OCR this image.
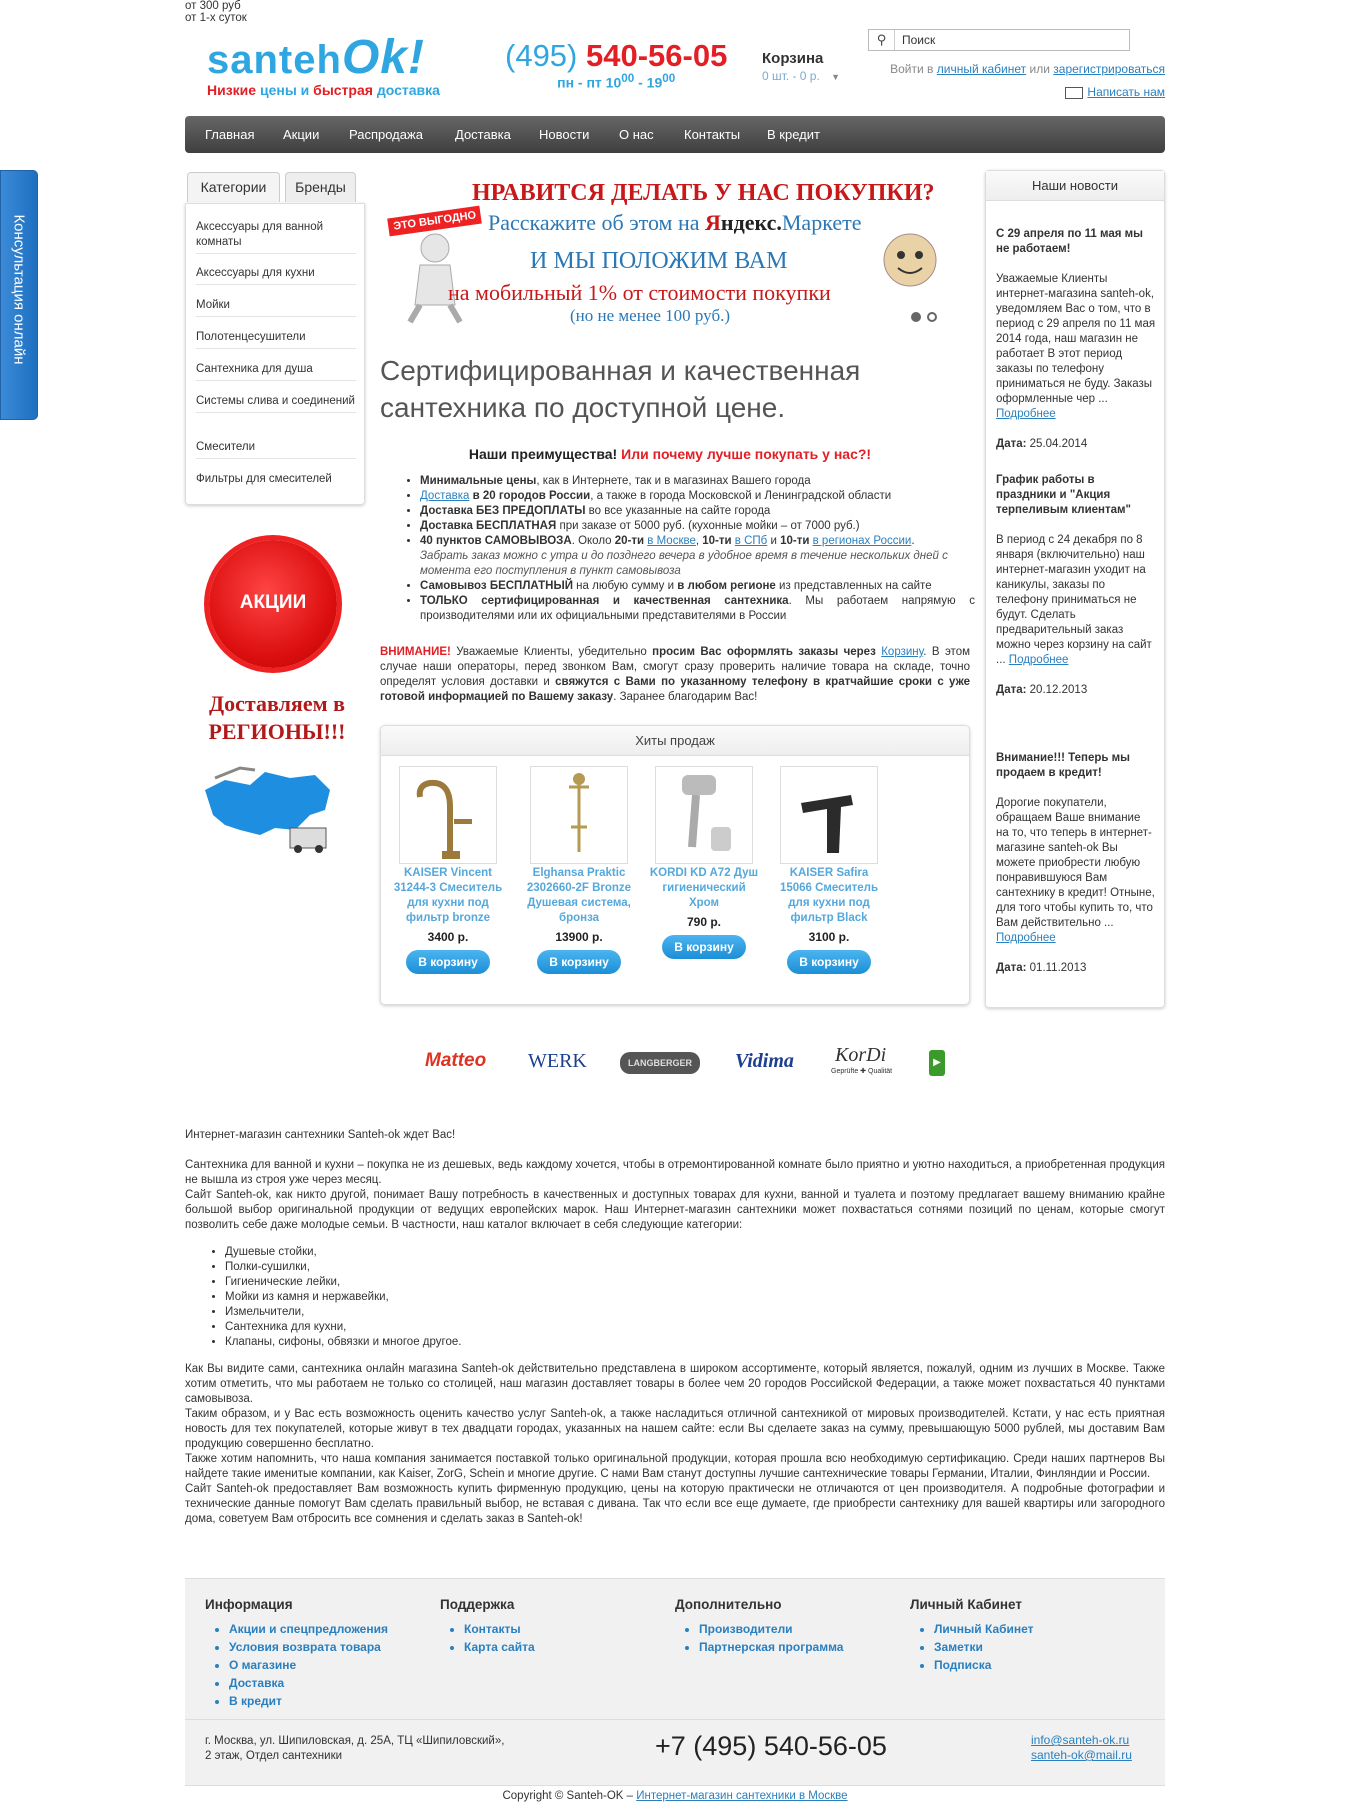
Консультация онлайн
santehOk!
Низкие цены и быстрая доставка
(495) 540-56-05
пн - пт $10^{00} - 19^{00}$
Корзина
0 шт. - 0 р. ▼
⚲	Поиск
Войти в личный кабинет или зарегистрироваться
Написать нам
Главная Акции Распродажа Доставка Новости О нас Контакты В кредит
Категории	Бренды
Аксессуары для ванной комнаты
Аксессуары для кухни
Мойки
Полотенцесушители
Сантехника для душа
Системы слива и соединений
Смесители
Фильтры для смесителей
АКЦИИ
Доставляем в РЕГИОНЫ!!!
от 300 руб
от 1-х суток
ЭТО ВЫГОДНО
НРАВИТСЯ ДЕЛАТЬ У НАС ПОКУПКИ?
Расскажите об этом на Яндекс.Маркете
И МЫ ПОЛОЖИМ ВАМ
на мобильный 1% от стоимости покупки
(но не менее 100 руб.)
Сертифицированная и качественная сантехника по доступной цене.
Наши преимущества! Или почему лучше покупать у нас?!
• Минимальные цены, как в Интернете, так и в магазинах Вашего города
• Доставка в 20 городов России, а также в города Московской и Ленинградской области
• Доставка БЕЗ ПРЕДОПЛАТЫ во все указанные на сайте города
• Доставка БЕСПЛАТНАЯ при заказе от 5000 руб. (кухонные мойки – от 7000 руб.)
• 40 пунктов САМОВЫВОЗА. Около 20-ти в Москве, 10-ти в СПб и 10-ти в регионах России.
Забрать заказ можно с утра и до позднего вечера в удобное время в течение нескольких дней с момента его поступления в пункт самовывоза
• Самовывоз БЕСПЛАТНЫЙ на любую сумму и в любом регионе из представленных на сайте
• ТОЛЬКО сертифицированная и качественная сантехника. Мы работаем напрямую с производителями или их официальными представителями в России
ВНИМАНИЕ! Уважаемые Клиенты, убедительно просим Вас оформлять заказы через Корзину. В этом случае наши операторы, перед звонком Вам, смогут сразу проверить наличие товара на складе, точно определят условия доставки и свяжутся с Вами по указанному телефону в кратчайшие сроки с уже готовой информацией по Вашему заказу. Заранее благодарим Вас!
Хиты продаж
KAISER Vincent 31244-3 Смеситель для кухни под фильтр bronze
3400 р.
В корзину
Elghansa Praktic 2302660-2F Bronze Душевая система, бронза
13900 р.
В корзину
KORDI KD A72 Душ гигиенический Хром
790 р.
В корзину
KAISER Safira 15066 Смеситель для кухни под фильтр Black
3100 р.
В корзину
Наши новости
С 29 апреля по 11 мая мы не работаем!
Уважаемые Клиенты интернет-магазина santeh-ok, уведомляем Вас о том, что в период с 29 апреля по 11 мая 2014 года, наш магазин не работает В этот период заказы по телефону приниматься не буду. Заказы оформленные чер ... Подробнее
Дата: 25.04.2014
График работы в праздники и "Акция терпеливым клиентам"
В период с 24 декабря по 8 января (включительно) наш интернет-магазин уходит на каникулы, заказы по телефону приниматься не будут. Сделать предварительный заказ можно через корзину на сайт ... Подробнее
Дата: 20.12.2013
Внимание!!! Теперь мы продаем в кредит!
Дорогие покупатели, обращаем Ваше внимание на то, что теперь в интернет-магазине santeh-ok Вы можете приобрести любую понравившуюся Вам сантехнику в кредит! Отныне, для того чтобы купить то, что Вам действительно ... Подробнее
Дата: 01.11.2013
Matteo WERK	LANGBERGER	Vidima KorDi
Geprüfte ✚ Qualität
▶

Интернет-магазин сантехники Santeh-ok ждет Вас!

Сантехника для ванной и кухни – покупка не из дешевых, ведь каждому хочется, чтобы в отремонтированной комнате было приятно и уютно находиться, а приобретенная продукция не вышла из строя уже через месяц.

Сайт Santeh-ok, как никто другой, понимает Вашу потребность в качественных и доступных товарах для кухни, ванной и туалета и поэтому предлагает вашему вниманию крайне большой выбор оригинальной продукции от ведущих европейских марок. Наш Интернет-магазин сантехники может похвастаться сотнями позиций по ценам, которые смогут позволить себе даже молодые семьи. В частности, наш каталог включает в себя следующие категории:

• Душевые стойки,
• Полки-сушилки,
• Гигиенические лейки,
• Мойки из камня и нержавейки,
• Измельчители,
• Сантехника для кухни,
• Клапаны, сифоны, обвязки и многое другое.

Как Вы видите сами, сантехника онлайн магазина Santeh-ok действительно представлена в широком ассортименте, который является, пожалуй, одним из лучших в Москве. Также хотим отметить, что мы работаем не только со столицей, наш магазин доставляет товары в более чем 20 городов Российской Федерации, а также может похвастаться 40 пунктами самовывоза.

Таким образом, и у Вас есть возможность оценить качество услуг Santeh-ok, а также насладиться отличной сантехникой от мировых производителей. Кстати, у нас есть приятная новость для тех покупателей, которые живут в тех двадцати городах, указанных на нашем сайте: если Вы сделаете заказ на сумму, превышающую 5000 рублей, мы доставим Вам продукцию совершенно бесплатно.

Также хотим напомнить, что наша компания занимается поставкой только оригинальной продукции, которая прошла всю необходимую сертификацию. Среди наших партнеров Вы найдете такие именитые компании, как Kaiser, ZorG, Schein и многие другие. С нами Вам станут доступны лучшие сантехнические товары Германии, Италии, Финляндии и России.

Сайт Santeh-ok предоставляет Вам возможность купить фирменную продукцию, цены на которую практически не отличаются от цен производителя. А подробные фотографии и технические данные помогут Вам сделать правильный выбор, не вставая с дивана. Так что если все еще думаете, где приобрести сантехнику для вашей квартиры или загородного дома, советуем Вам отбросить все сомнения и сделать заказ в Santeh-ok!

Информация
• Акции и спецпредложения
• Условия возврата товара
• О магазине
• Доставка
• В кредит
Поддержка
• Контакты
• Карта сайта
Дополнительно
• Производители
• Партнерская программа
Личный Кабинет
• Личный Кабинет
• Заметки
• Подписка
г. Москва, ул. Шипиловская, д. 25А, ТЦ «Шипиловский»,
2 этаж, Отдел сантехники	+7 (495) 540-56-05	info@santeh-ok.ru
santeh-ok@mail.ru
Copyright © Santeh-OK – Интернет-магазин сантехники в Москве
